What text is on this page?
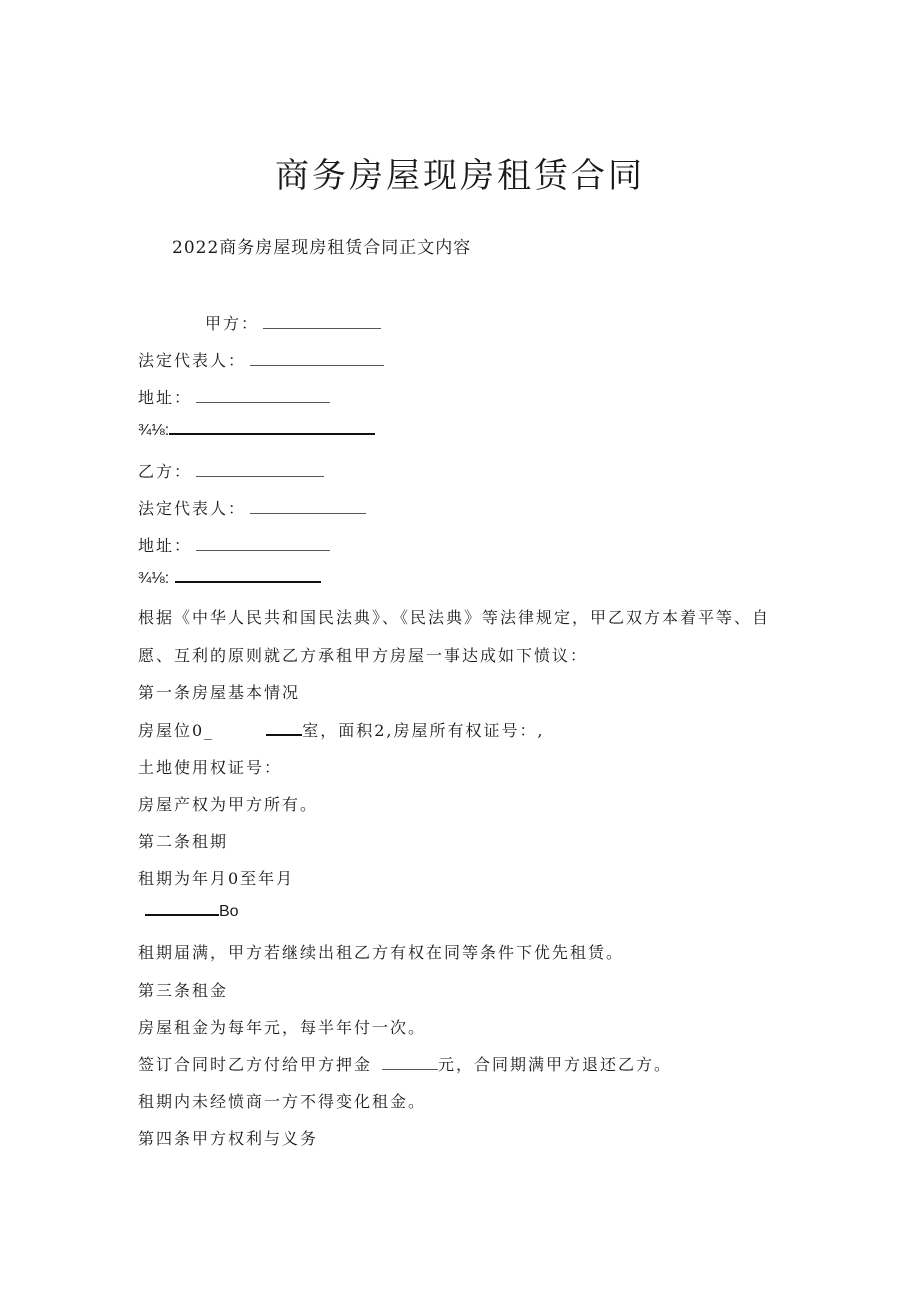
商务房屋现房租赁合同
2022商务房屋现房租赁合同正文内容
甲方：
法定代表人：
地址：
¾⅛:
乙方：
法定代表人：
地址：
¾⅛:
根据《中华人民共和国民法典》、《民法典》等法律规定，甲乙双方本着平等、自
愿、互利的原则就乙方承租甲方房屋一事达成如下愤议：
第一条房屋基本情况
房屋位0_	室，面积2,房屋所有权证号：,
土地使用权证号：
房屋产权为甲方所有。
第二条租期
租期为年月0至年月
Bo
租期届满，甲方若继续出租乙方有权在同等条件下优先租赁。
第三条租金
房屋租金为每年元，每半年付一次。
签订合同时乙方付给甲方押金	元，合同期满甲方退还乙方。
租期内未经愤商一方不得变化租金。
第四条甲方权利与义务
